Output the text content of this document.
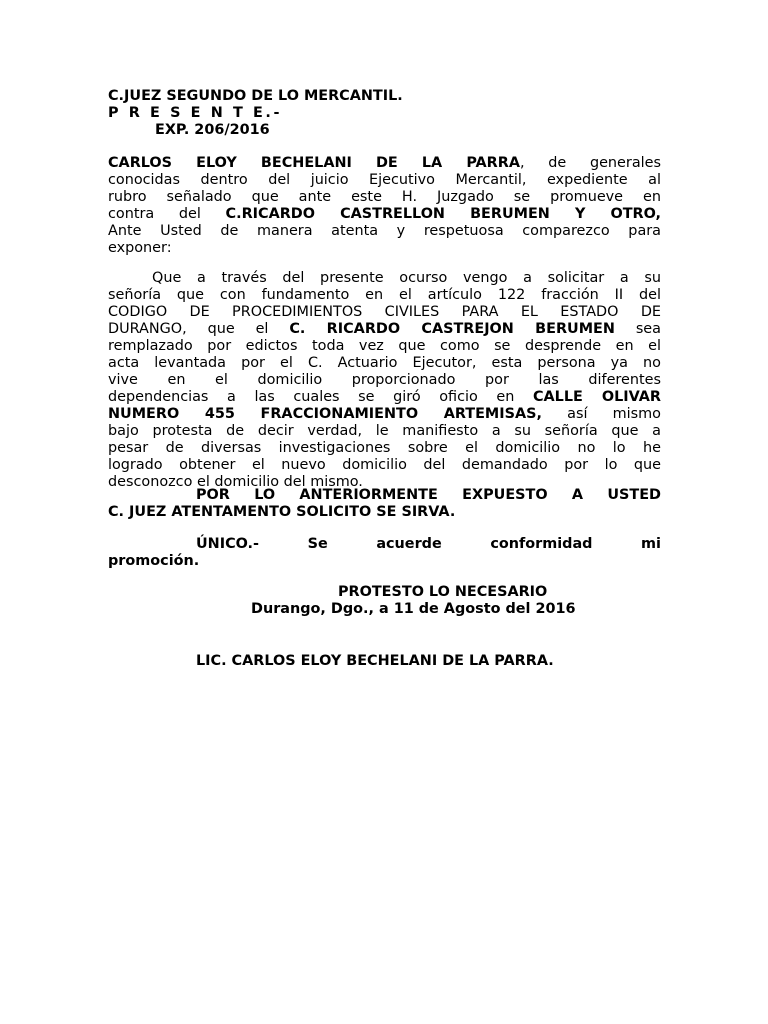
C.JUEZ SEGUNDO DE LO MERCANTIL.
P R E S E N T E.-
EXP. 206/2016
CARLOS ELOY BECHELANI DE LA PARRA, de generales
conocidas dentro del juicio Ejecutivo Mercantil, expediente al
rubro señalado que ante este H. Juzgado se promueve en
contra del C.RICARDO CASTRELLON BERUMEN Y OTRO,
Ante Usted de manera atenta y respetuosa comparezco para
exponer:
Que a través del presente ocurso vengo a solicitar a su
señoría que con fundamento en el artículo 122 fracción II del
CODIGO DE PROCEDIMIENTOS CIVILES PARA EL ESTADO DE
DURANGO, que el C. RICARDO CASTREJON BERUMEN sea
remplazado por edictos toda vez que como se desprende en el
acta levantada por el C. Actuario Ejecutor, esta persona ya no
vive en el domicilio proporcionado por las diferentes
dependencias a las cuales se giró oficio en CALLE OLIVAR
NUMERO 455 FRACCIONAMIENTO ARTEMISAS, así mismo
bajo protesta de decir verdad, le manifiesto a su señoría que a
pesar de diversas investigaciones sobre el domicilio no lo he
logrado obtener el nuevo domicilio del demandado por lo que
desconozco el domicilio del mismo.
POR LO ANTERIORMENTE EXPUESTO A USTED
C. JUEZ ATENTAMENTO SOLICITO SE SIRVA.
ÚNICO.- Se acuerde conformidad mi
promoción.
PROTESTO LO NECESARIO
Durango, Dgo., a 11 de Agosto del 2016
LIC. CARLOS ELOY BECHELANI DE LA PARRA.
